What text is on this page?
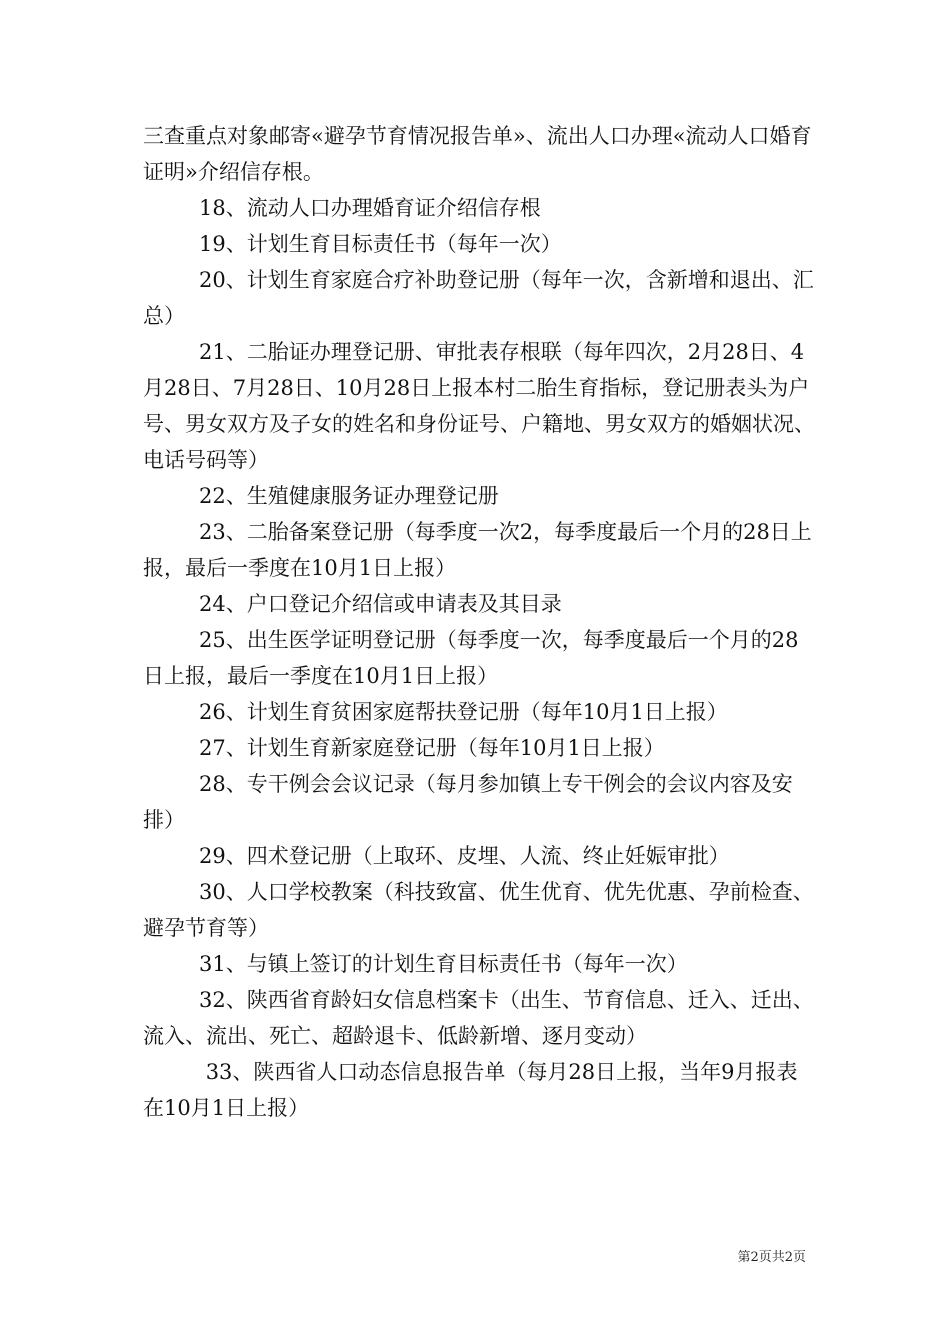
三查重点对象邮寄«避孕节育情况报告单»、流出人口办理«流动人口婚育证明»介绍信存根。

18、流动人口办理婚育证介绍信存根

19、计划生育目标责任书（每年一次）

20、计划生育家庭合疗补助登记册（每年一次，含新增和退出、汇总）

21、二胎证办理登记册、审批表存根联（每年四次，2月28日、4月28日、7月28日、10月28日上报本村二胎生育指标，登记册表头为户号、男女双方及子女的姓名和身份证号、户籍地、男女双方的婚姻状况、电话号码等）

22、生殖健康服务证办理登记册

23、二胎备案登记册（每季度一次2，每季度最后一个月的28日上报，最后一季度在10月1日上报）

24、户口登记介绍信或申请表及其目录

25、出生医学证明登记册（每季度一次，每季度最后一个月的28日上报，最后一季度在10月1日上报）

26、计划生育贫困家庭帮扶登记册（每年10月1日上报）

27、计划生育新家庭登记册（每年10月1日上报）

28、专干例会会议记录（每月参加镇上专干例会的会议内容及安排）

29、四术登记册（上取环、皮埋、人流、终止妊娠审批）

30、人口学校教案（科技致富、优生优育、优先优惠、孕前检查、避孕节育等）

31、与镇上签订的计划生育目标责任书（每年一次）

32、陕西省育龄妇女信息档案卡（出生、节育信息、迁入、迁出、流入、流出、死亡、超龄退卡、低龄新增、逐月变动）

33、陕西省人口动态信息报告单（每月28日上报，当年9月报表在10月1日上报）

第2页共2页
